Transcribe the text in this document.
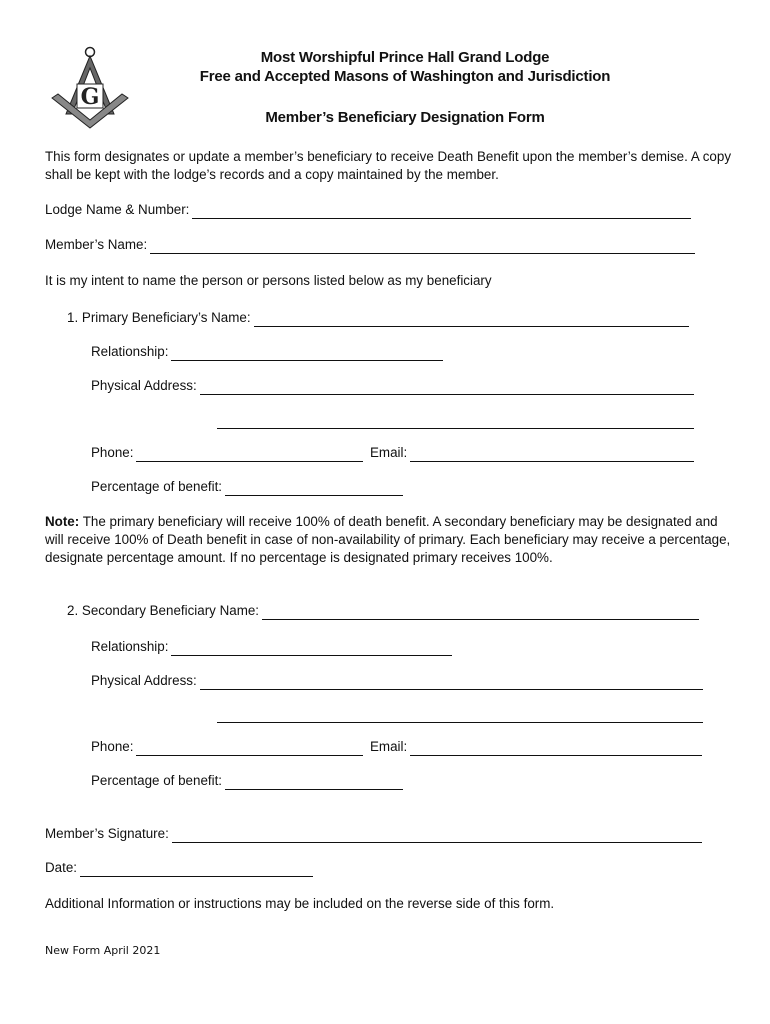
G
Most Worshipful Prince Hall Grand Lodge
Free and Accepted Masons of Washington and Jurisdiction
Member’s Beneficiary Designation Form
This form designates or update a member’s beneficiary to receive Death Benefit upon the member’s demise. A copy shall be kept with the lodge’s records and a copy maintained by the member.
Lodge Name & Number:
Member’s Name:
It is my intent to name the person or persons listed below as my beneficiary
1. Primary Beneficiary’s Name:
Relationship:
Physical Address:
Phone:	Email:
Percentage of benefit:
Note: The primary beneficiary will receive 100% of death benefit. A secondary beneficiary may be designated and will receive 100% of Death benefit in case of non-availability of primary. Each beneficiary may receive a percentage, designate percentage amount. If no percentage is designated primary receives 100%.
2. Secondary Beneficiary Name:
Relationship:
Physical Address:
Phone:	Email:
Percentage of benefit:
Member’s Signature:
Date:
Additional Information or instructions may be included on the reverse side of this form.
New Form April 2021
